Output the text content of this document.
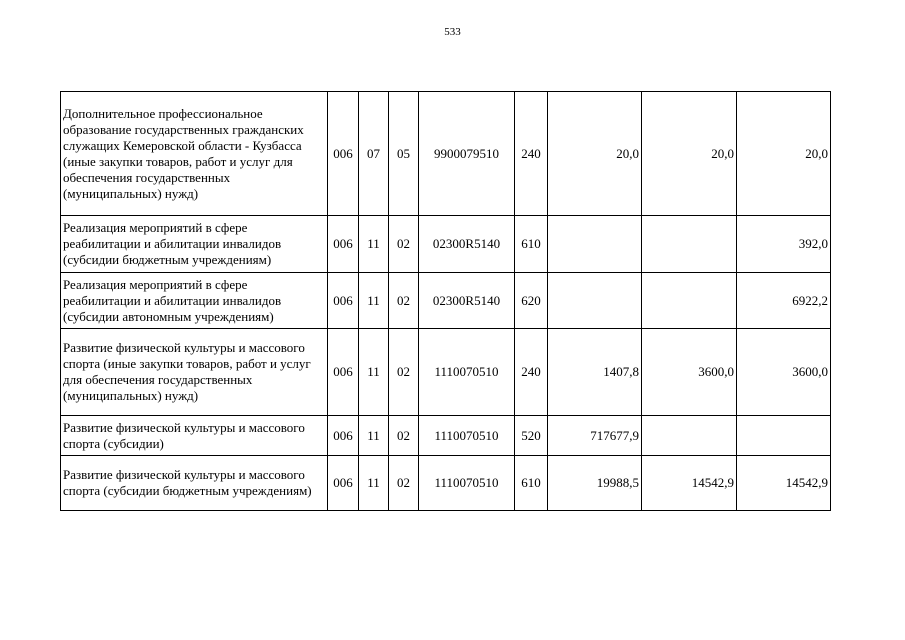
533
Дополнительное профессиональное образование государственных гражданских служащих Кемеровской области - Кузбасса (иные закупки товаров, работ и услуг для обеспечения государственных (муниципальных) нужд)	006	07	05	9900079510	240	20,0	20,0	20,0
Реализация мероприятий в сфере реабилитации и абилитации инвалидов (субсидии бюджетным учреждениям)	006	11	02	02300R5140	610			392,0
Реализация мероприятий в сфере реабилитации и абилитации инвалидов (субсидии автономным учреждениям)	006	11	02	02300R5140	620			6922,2
Развитие физической культуры и массового спорта (иные закупки товаров, работ и услуг для обеспечения государственных (муниципальных) нужд)	006	11	02	1110070510	240	1407,8	3600,0	3600,0
Развитие физической культуры и массового спорта (субсидии)	006	11	02	1110070510	520	717677,9		
Развитие физической культуры и массового спорта (субсидии бюджетным учреждениям)	006	11	02	1110070510	610	19988,5	14542,9	14542,9
